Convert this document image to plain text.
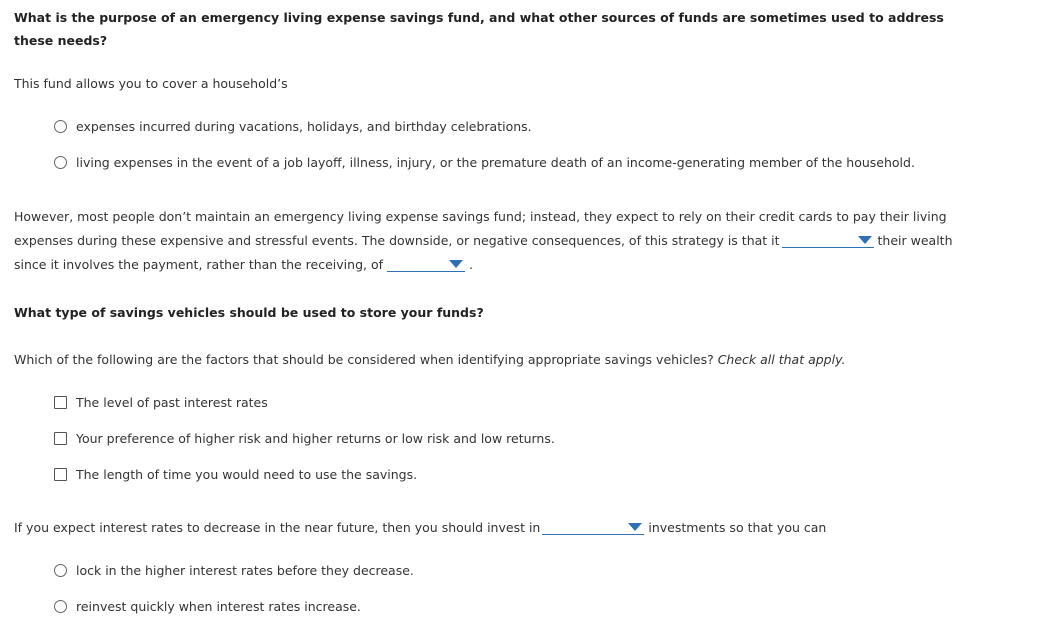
What is the purpose of an emergency living expense savings fund, and what other sources of funds are sometimes used to address
these needs?

This fund allows you to cover a household’s

expenses incurred during vacations, holidays, and birthday celebrations.
living expenses in the event of a job layoff, illness, injury, or the premature death of an income-generating member of the household.
However, most people don’t maintain an emergency living expense savings fund; instead, they expect to rely on their credit cards to pay their living
expenses during these expensive and stressful events. The downside, or negative consequences, of this strategy is that it	their wealth
since it involves the payment, rather than the receiving, of	.

What type of savings vehicles should be used to store your funds?

Which of the following are the factors that should be considered when identifying appropriate savings vehicles? Check all that apply.

The level of past interest rates
Your preference of higher risk and higher returns or low risk and low returns.
The length of time you would need to use the savings.
If you expect interest rates to decrease in the near future, then you should invest in	investments so that you can
lock in the higher interest rates before they decrease.
reinvest quickly when interest rates increase.
